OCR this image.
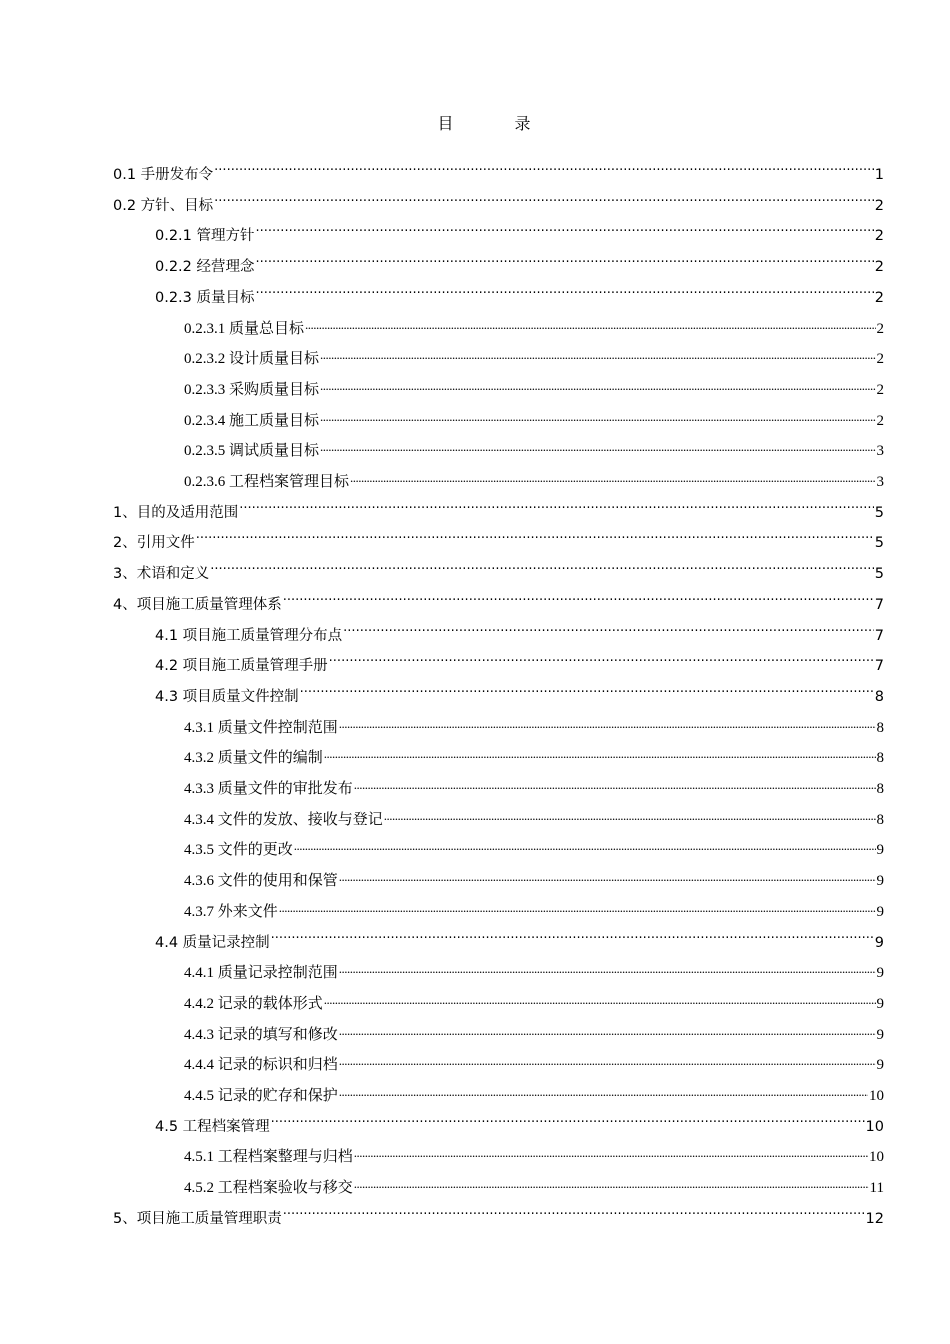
目 录
0.1 手册发布令 ·····	1
0.2 方针、目标 ·····	2
0.2.1 管理方针 ·····	2
0.2.2 经营理念 ·····	2
0.2.3 质量目标 ·····	2
0.2.3.1 质量总目标 .....	2
0.2.3.2 设计质量目标 .....	2
0.2.3.3 采购质量目标 .....	2
0.2.3.4 施工质量目标 .....	2
0.2.3.5 调试质量目标 .....	3
0.2.3.6 工程档案管理目标 .....	3
1、目的及适用范围 ·····	5
2、引用文件 ·····	5
3、术语和定义 ·····	5
4、项目施工质量管理体系 ·····	7
4.1 项目施工质量管理分布点 ·····	7
4.2 项目施工质量管理手册 ·····	7
4.3 项目质量文件控制 ·····	8
4.3.1 质量文件控制范围 .....	8
4.3.2 质量文件的编制 .....	8
4.3.3 质量文件的审批发布 .....	8
4.3.4 文件的发放、接收与登记 .....	8
4.3.5 文件的更改 .....	9
4.3.6 文件的使用和保管 .....	9
4.3.7 外来文件 .....	9
4.4 质量记录控制 ·····	9
4.4.1 质量记录控制范围 .....	9
4.4.2 记录的载体形式 .....	9
4.4.3 记录的填写和修改 .....	9
4.4.4 记录的标识和归档 .....	9
4.4.5 记录的贮存和保护 .....	10
4.5 工程档案管理 ·····	10
4.5.1 工程档案整理与归档 .....	10
4.5.2 工程档案验收与移交 .....	11
5、项目施工质量管理职责 ·····	12
